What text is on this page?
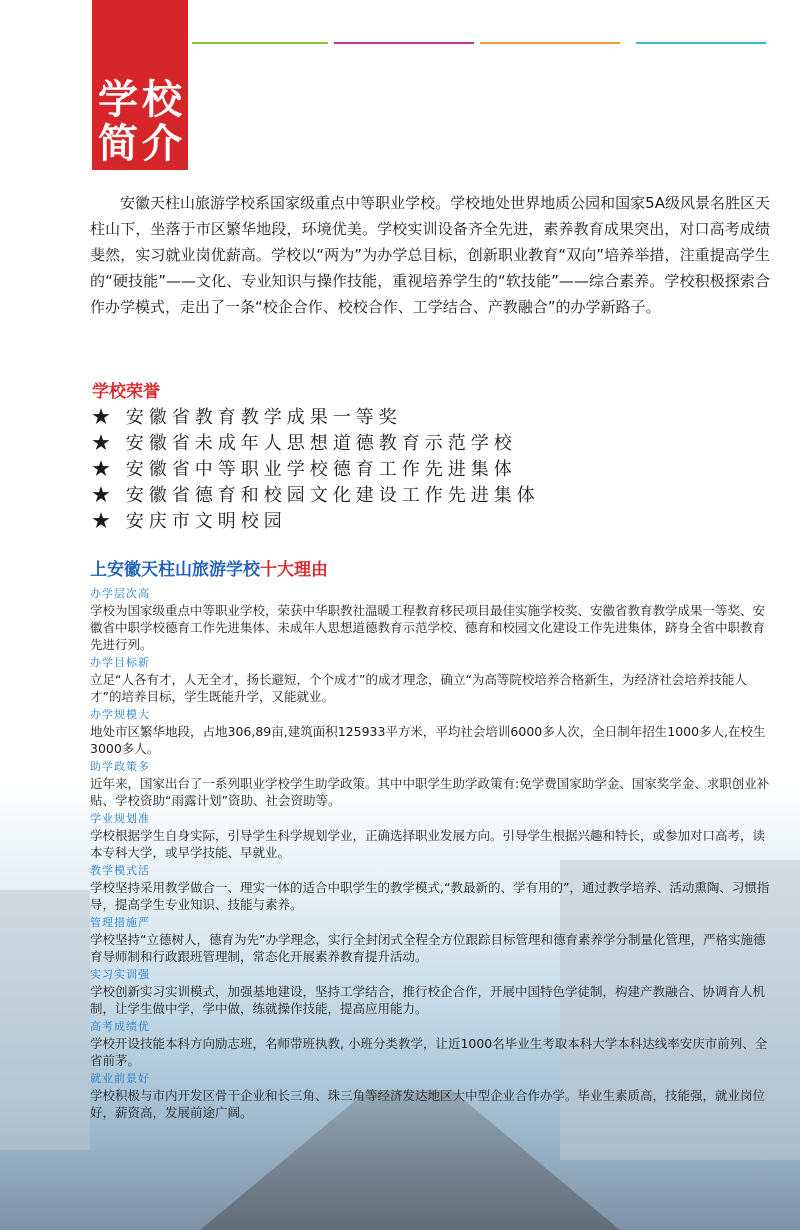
学校
简介

安徽天柱山旅游学校系国家级重点中等职业学校。学校地处世界地质公园和国家5A级风景名胜区天柱山下，坐落于市区繁华地段，环境优美。学校实训设备齐全先进，素养教育成果突出，对口高考成绩斐然，实习就业岗优薪高。学校以“两为”为办学总目标，创新职业教育“双向”培养举措，注重提高学生的“硬技能”——文化、专业知识与操作技能，重视培养学生的“软技能”——综合素养。学校积极探索合作办学模式，走出了一条“校企合作、校校合作、工学结合、产教融合”的办学新路子。

学校荣誉
★ 安徽省教育教学成果一等奖
★ 安徽省未成年人思想道德教育示范学校
★ 安徽省中等职业学校德育工作先进集体
★ 安徽省德育和校园文化建设工作先进集体
★ 安庆市文明校园
上安徽天柱山旅游学校十大理由

办学层次高

学校为国家级重点中等职业学校，荣获中华职教社温暖工程教育移民项目最佳实施学校奖、安徽省教育教学成果一等奖、安徽省中职学校德育工作先进集体、未成年人思想道德教育示范学校、德育和校园文化建设工作先进集体，跻身全省中职教育先进行列。

办学目标新

立足“人各有才，人无全才，扬长避短，个个成才”的成才理念，确立“为高等院校培养合格新生，为经济社会培养技能人才”的培养目标，学生既能升学，又能就业。

办学规模大

地处市区繁华地段，占地306,89亩,建筑面积125933平方米，平均社会培训6000多人次，全日制年招生1000多人,在校生3000多人。

助学政策多

近年来，国家出台了一系列职业学校学生助学政策。其中中职学生助学政策有:免学费国家助学金、国家奖学金、求职创业补贴、学校资助“雨露计划”资助、社会资助等。

学业规划准

学校根据学生自身实际，引导学生科学规划学业，正确选择职业发展方向。引导学生根据兴趣和特长，或参加对口高考，读本专科大学，或早学技能、早就业。

教学模式活

学校坚持采用教学做合一、理实一体的适合中职学生的教学模式,“教最新的、学有用的”，通过教学培养、活动熏陶、习惯指导，提高学生专业知识、技能与素养。

管理措施严

学校坚持“立德树人，德育为先”办学理念，实行全封闭式全程全方位跟踪目标管理和德育素养学分制量化管理，严格实施德育导师制和行政跟班管理制，常态化开展素养教育提升活动。

实习实训强

学校创新实习实训模式，加强基地建设，坚持工学结合，推行校企合作，开展中国特色学徒制，构建产教融合、协调育人机制，让学生做中学，学中做，练就操作技能，提高应用能力。

高考成绩优

学校开设技能本科方向励志班，名师带班执教, 小班分类教学，让近1000名毕业生考取本科大学本科达线率安庆市前列、全省前茅。

就业前景好

学校积极与市内开发区骨干企业和长三角、珠三角等经济发达地区大中型企业合作办学。毕业生素质高，技能强，就业岗位好，薪资高，发展前途广阔。
